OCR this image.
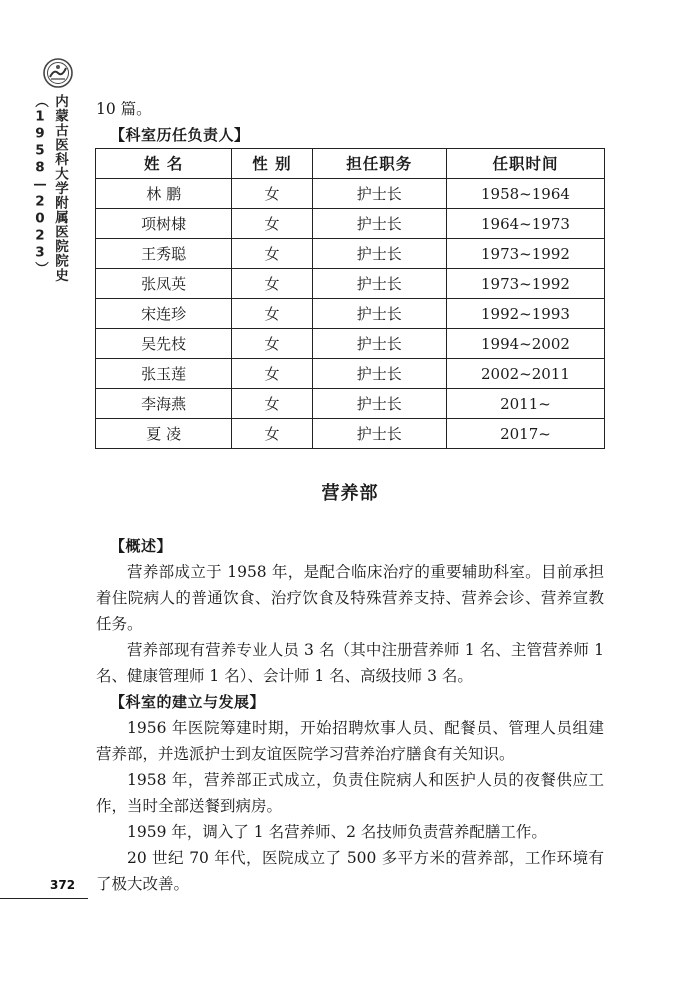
内蒙古医科大学附属医院院史（1958—2023）
372

10 篇。

【科室历任负责人】

姓 名	性 别	担任职务	任职时间
林 鹏	女	护士长	1958~1964
项树棣	女	护士长	1964~1973
王秀聪	女	护士长	1973~1992
张凤英	女	护士长	1973~1992
宋连珍	女	护士长	1992~1993
吴先枝	女	护士长	1994~2002
张玉莲	女	护士长	2002~2011
李海燕	女	护士长	2011~
夏 凌	女	护士长	2017~
营养部

【概述】

营养部成立于 1958 年，是配合临床治疗的重要辅助科室。目前承担着住院病人的普通饮食、治疗饮食及特殊营养支持、营养会诊、营养宣教任务。

营养部现有营养专业人员 3 名（其中注册营养师 1 名、主管营养师 1 名、健康管理师 1 名）、会计师 1 名、高级技师 3 名。

【科室的建立与发展】

1956 年医院筹建时期，开始招聘炊事人员、配餐员、管理人员组建营养部，并选派护士到友谊医院学习营养治疗膳食有关知识。

1958 年，营养部正式成立，负责住院病人和医护人员的夜餐供应工作，当时全部送餐到病房。

1959 年，调入了 1 名营养师、2 名技师负责营养配膳工作。

20 世纪 70 年代，医院成立了 500 多平方米的营养部，工作环境有了极大改善。
